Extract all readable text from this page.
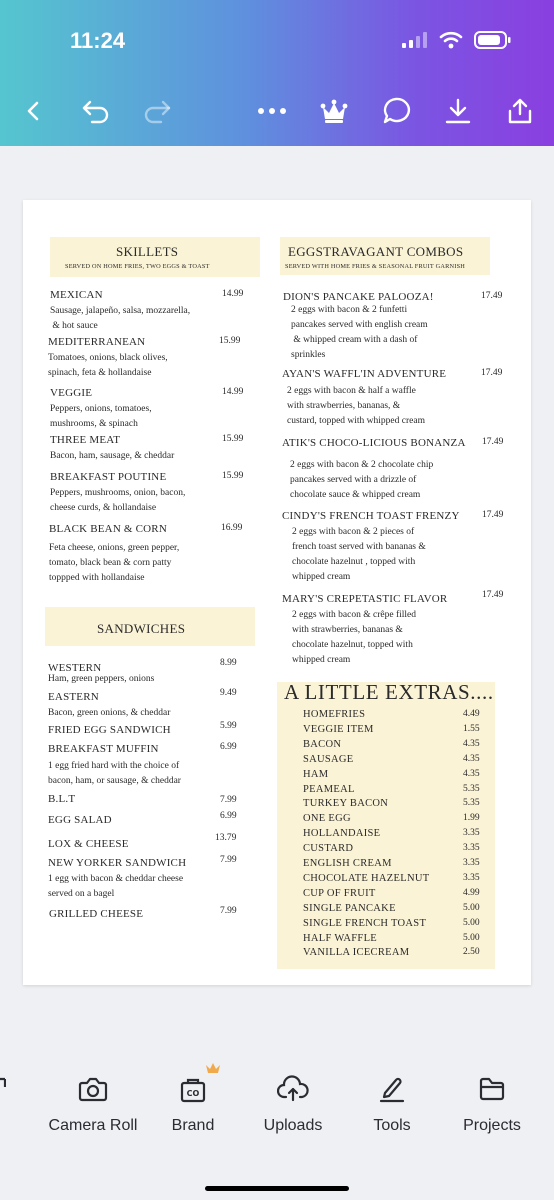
11:24
SKILLETS
SERVED ON HOME FRIES, TWO EGGS & TOAST
MEXICAN	14.99
Sausage, jalapeño, salsa, mozzarella,
& hot sauce
MEDITERRANEAN	15.99
Tomatoes, onions, black olives,
spinach, feta & hollandaise
VEGGIE	14.99
Peppers, onions, tomatoes,
mushrooms, & spinach
THREE MEAT	15.99
Bacon, ham, sausage, & cheddar
BREAKFAST POUTINE	15.99
Peppers, mushrooms, onion, bacon,
cheese curds, & hollandaise
BLACK BEAN & CORN	16.99
Feta cheese, onions, green pepper,
tomato, black bean & corn patty
toppped with hollandaise
SANDWICHES
WESTERN	8.99
Ham, green peppers, onions
EASTERN	9.49
Bacon, green onions, & cheddar
FRIED EGG SANDWICH	5.99
BREAKFAST MUFFIN	6.99
1 egg fried hard with the choice of
bacon, ham, or sausage, & cheddar
B.L.T	7.99
EGG SALAD	6.99
LOX & CHEESE	13.79
NEW YORKER SANDWICH	7.99
1 egg with bacon & cheddar cheese
served on a bagel
GRILLED CHEESE	7.99
EGGSTRAVAGANT COMBOS
SERVED WITH HOME FRIES & SEASONAL FRUIT GARNISH
DION'S PANCAKE PALOOZA!	17.49
2 eggs with bacon & 2 funfetti
pancakes served with english cream
& whipped cream with a dash of
sprinkles
AYAN'S WAFFL'IN ADVENTURE	17.49
2 eggs with bacon & half a waffle
with strawberries, bananas, &
custard, topped with whipped cream
ATIK'S CHOCO-LICIOUS BONANZA 17.49
2 eggs with bacon & 2 chocolate chip
pancakes served with a drizzle of
chocolate sauce & whipped cream
CINDY'S FRENCH TOAST FRENZY 17.49
2 eggs with bacon & 2 pieces of
french toast served with bananas &
chocolate hazelnut , topped with
whipped cream
MARY'S CREPETASTIC FLAVOR	17.49
2 eggs with bacon & crêpe filled
with strawberries, bananas &
chocolate hazelnut, topped with
whipped cream
A LITTLE EXTRAS....
HOMEFRIES	4.49
VEGGIE ITEM	1.55
BACON	4.35
SAUSAGE	4.35
HAM	4.35
PEAMEAL	5.35
TURKEY BACON	5.35
ONE EGG	1.99
HOLLANDAISE	3.35
CUSTARD	3.35
ENGLISH CREAM	3.35
CHOCOLATE HAZELNUT	3.35
CUP OF FRUIT	4.99
SINGLE PANCAKE	5.00
SINGLE FRENCH TOAST	5.00
HALF WAFFLE	5.00
VANILLA ICECREAM	2.50
Camera Roll
CO
Brand	Uploads	Tools	Projects
